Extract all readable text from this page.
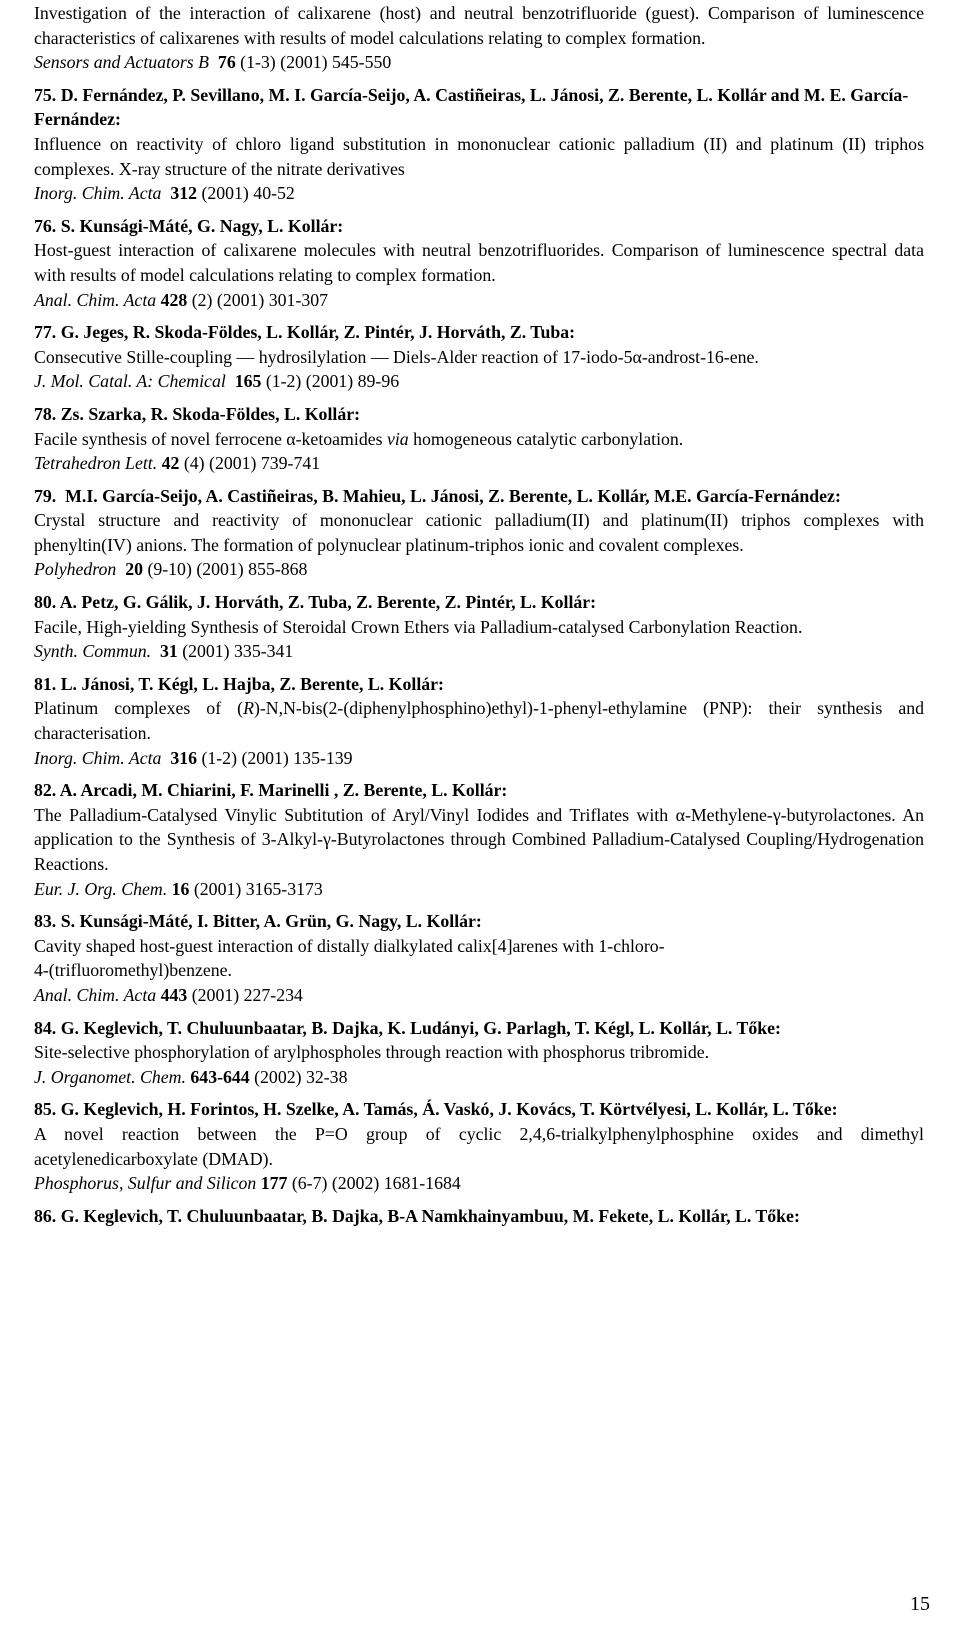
Investigation of the interaction of calixarene (host) and neutral benzotrifluoride (guest). Comparison of luminescence characteristics of calixarenes with results of model calculations relating to complex formation.
Sensors and Actuators B 76 (1-3) (2001) 545-550
75. D. Fernández, P. Sevillano, M. I. García-Seijo, A. Castiñeiras, L. Jánosi, Z. Berente, L. Kollár and M. E. García-Fernández:
Influence on reactivity of chloro ligand substitution in mononuclear cationic palladium (II) and platinum (II) triphos complexes. X-ray structure of the nitrate derivatives
Inorg. Chim. Acta 312 (2001) 40-52
76. S. Kunsági-Máté, G. Nagy, L. Kollár:
Host-guest interaction of calixarene molecules with neutral benzotrifluorides. Comparison of luminescence spectral data with results of model calculations relating to complex formation.
Anal. Chim. Acta 428 (2) (2001) 301-307
77. G. Jeges, R. Skoda-Földes, L. Kollár, Z. Pintér, J. Horváth, Z. Tuba:
Consecutive Stille-coupling — hydrosilylation — Diels-Alder reaction of 17-iodo-5α-androst-16-ene.
J. Mol. Catal. A: Chemical 165 (1-2) (2001) 89-96
78. Zs. Szarka, R. Skoda-Földes, L. Kollár:
Facile synthesis of novel ferrocene α-ketoamides via homogeneous catalytic carbonylation.
Tetrahedron Lett. 42 (4) (2001) 739-741
79. M.I. García-Seijo, A. Castiñeiras, B. Mahieu, L. Jánosi, Z. Berente, L. Kollár, M.E. García-Fernández:
Crystal structure and reactivity of mononuclear cationic palladium(II) and platinum(II) triphos complexes with phenyltin(IV) anions. The formation of polynuclear platinum-triphos ionic and covalent complexes.
Polyhedron 20 (9-10) (2001) 855-868
80. A. Petz, G. Gálik, J. Horváth, Z. Tuba, Z. Berente, Z. Pintér, L. Kollár:
Facile, High-yielding Synthesis of Steroidal Crown Ethers via Palladium-catalysed Carbonylation Reaction.
Synth. Commun. 31 (2001) 335-341
81. L. Jánosi, T. Kégl, L. Hajba, Z. Berente, L. Kollár:
Platinum complexes of (R)-N,N-bis(2-(diphenylphosphino)ethyl)-1-phenyl-ethylamine (PNP): their synthesis and characterisation.
Inorg. Chim. Acta 316 (1-2) (2001) 135-139
82. A. Arcadi, M. Chiarini, F. Marinelli , Z. Berente, L. Kollár:
The Palladium-Catalysed Vinylic Subtitution of Aryl/Vinyl Iodides and Triflates with α-Methylene-γ-butyrolactones. An application to the Synthesis of 3-Alkyl-γ-Butyrolactones through Combined Palladium-Catalysed Coupling/Hydrogenation Reactions.
Eur. J. Org. Chem. 16 (2001) 3165-3173
83. S. Kunsági-Máté, I. Bitter, A. Grün, G. Nagy, L. Kollár:
Cavity shaped host-guest interaction of distally dialkylated calix[4]arenes with 1-chloro-4-(trifluoromethyl)benzene.
Anal. Chim. Acta 443 (2001) 227-234
84. G. Keglevich, T. Chuluunbaatar, B. Dajka, K. Ludányi, G. Parlagh, T. Kégl, L. Kollár, L. Tőke:
Site-selective phosphorylation of arylphospholes through reaction with phosphorus tribromide.
J. Organomet. Chem. 643-644 (2002) 32-38
85. G. Keglevich, H. Forintos, H. Szelke, A. Tamás, Á. Vaskó, J. Kovács, T. Körtvélyesi, L. Kollár, L. Tőke:
A novel reaction between the P=O group of cyclic 2,4,6-trialkylphenylphosphine oxides and dimethyl acetylenedicarboxylate (DMAD).
Phosphorus, Sulfur and Silicon 177 (6-7) (2002) 1681-1684
86. G. Keglevich, T. Chuluunbaatar, B. Dajka, B-A Namkhainyambuu, M. Fekete, L. Kollár, L. Tőke:
15
